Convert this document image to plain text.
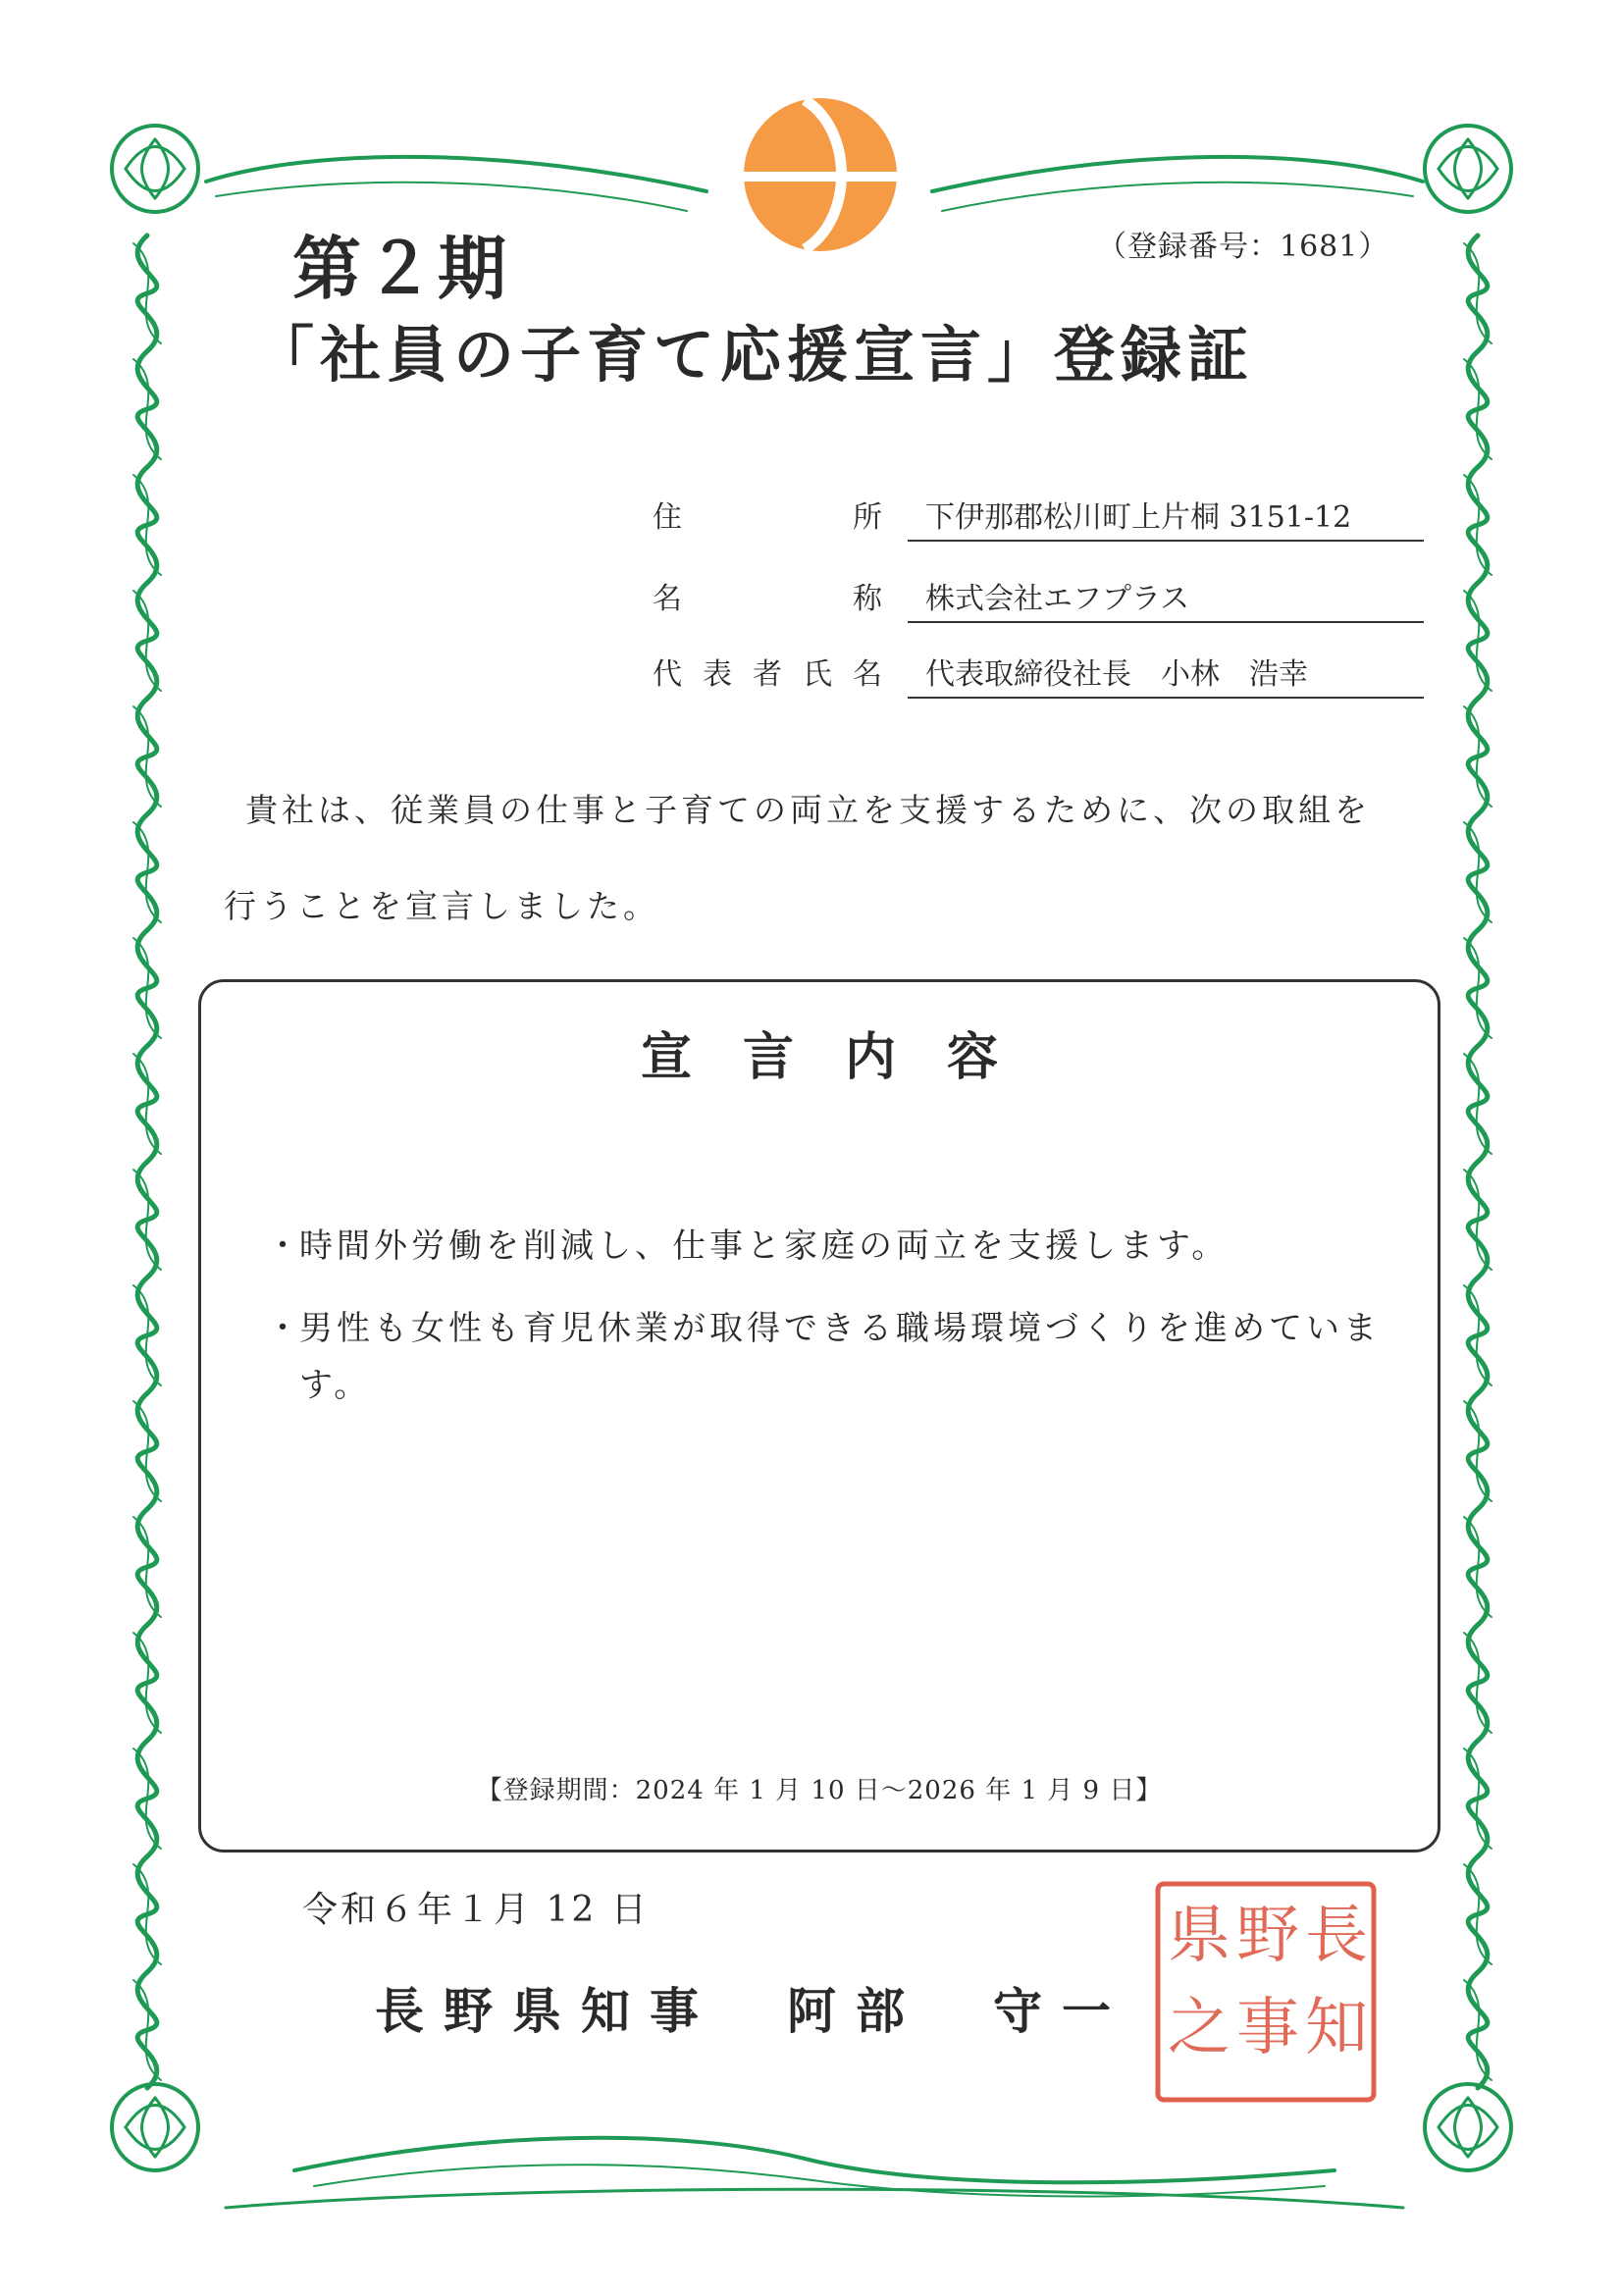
第２期	（登録番号：1681）
「社員の子育て応援宣言」登録証
住	所	下伊那郡松川町上片桐 3151-12
名	称	株式会社エフプラス
代 表 者 氏 名	代表取締役社長　小林　浩幸
貴社は、従業員の仕事と子育ての両立を支援するために、次の取組を
行うことを宣言しました。
宣言内容
・
時間外労働を削減し、仕事と家庭の両立を支援します。
・
男性も女性も育児休業が取得できる職場環境づくりを進めています。
【登録期間：2024 年 1 月 10 日～2026 年 1 月 9 日】
令和６年１月 12 日
長野県知事　阿部　守一
長
野
県
知
事
之
